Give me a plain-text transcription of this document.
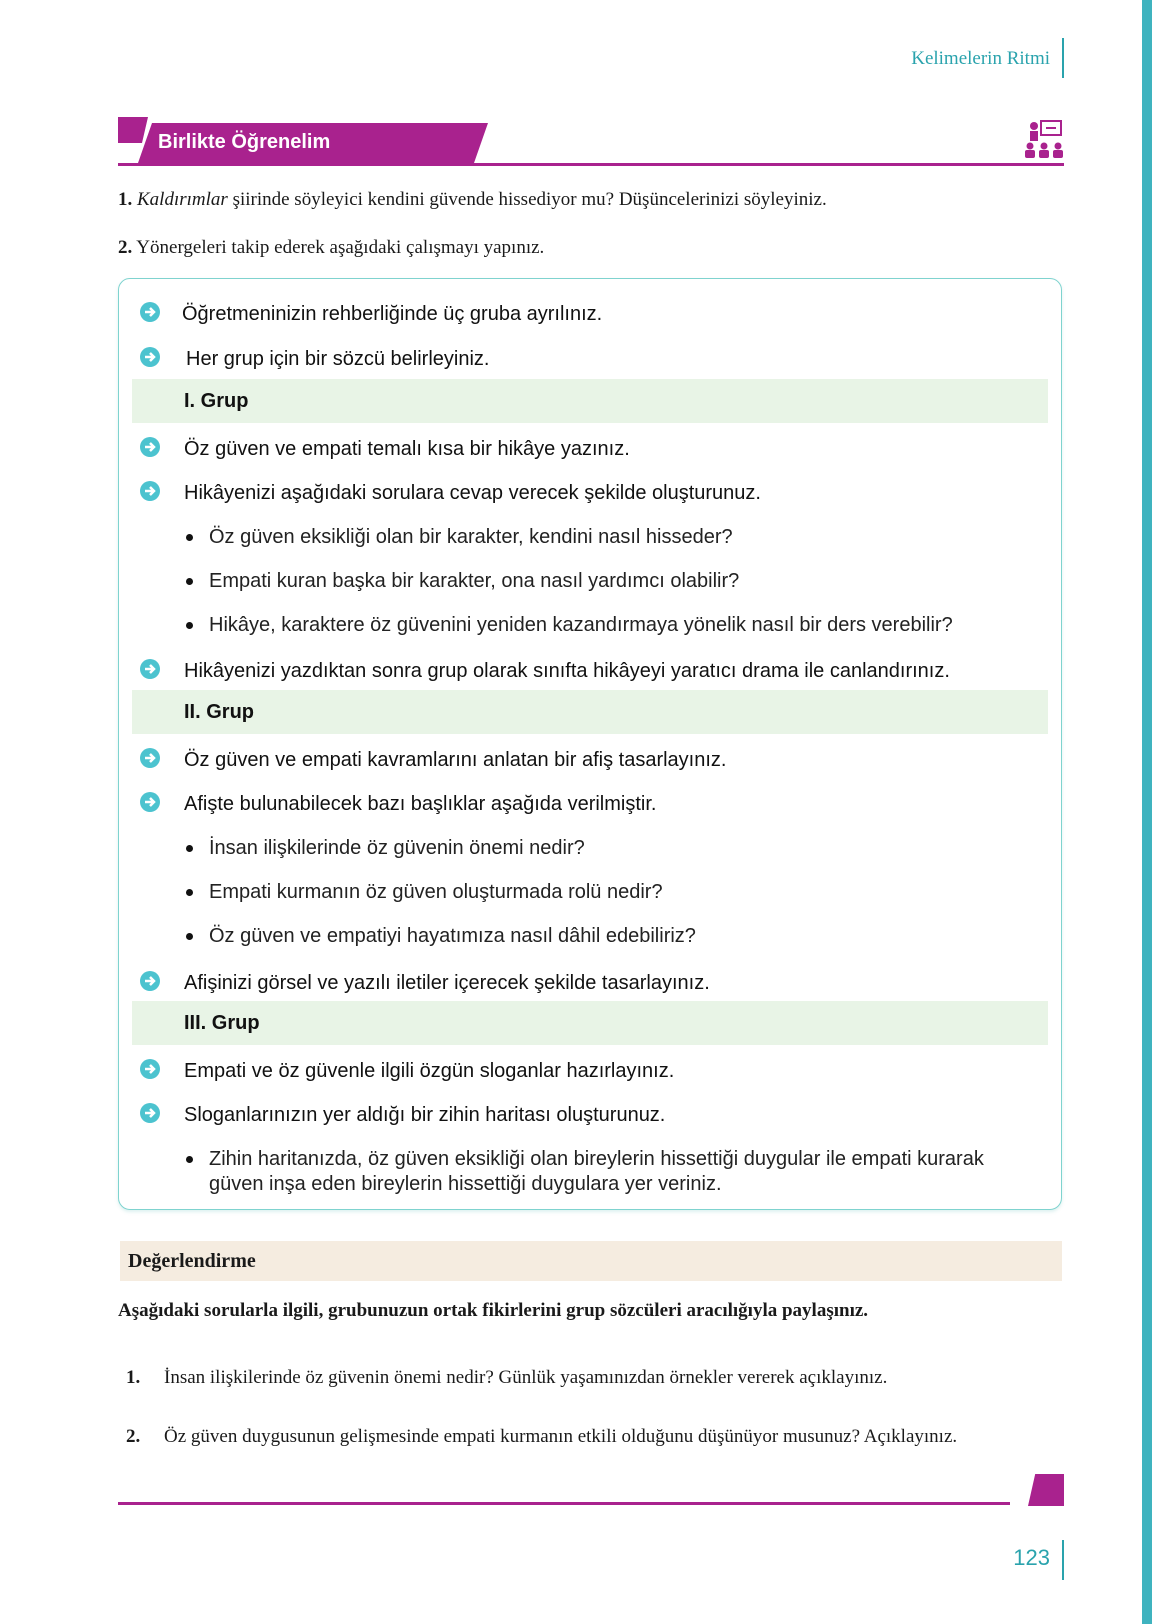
Kelimelerin Ritmi
Birlikte Öğrenelim
1. Kaldırımlar şiirinde söyleyici kendini güvende hissediyor mu? Düşüncelerinizi söyleyiniz.
2. Yönergeleri takip ederek aşağıdaki çalışmayı yapınız.
Öğretmeninizin rehberliğinde üç gruba ayrılınız.
Her grup için bir sözcü belirleyiniz.
I. Grup
Öz güven ve empati temalı kısa bir hikâye yazınız.
Hikâyenizi aşağıdaki sorulara cevap verecek şekilde oluşturunuz.
Öz güven eksikliği olan bir karakter, kendini nasıl hisseder?
Empati kuran başka bir karakter, ona nasıl yardımcı olabilir?
Hikâye, karaktere öz güvenini yeniden kazandırmaya yönelik nasıl bir ders verebilir?
Hikâyenizi yazdıktan sonra grup olarak sınıfta hikâyeyi yaratıcı drama ile canlandırınız.
II. Grup
Öz güven ve empati kavramlarını anlatan bir afiş tasarlayınız.
Afişte bulunabilecek bazı başlıklar aşağıda verilmiştir.
İnsan ilişkilerinde öz güvenin önemi nedir?
Empati kurmanın öz güven oluşturmada rolü nedir?
Öz güven ve empatiyi hayatımıza nasıl dâhil edebiliriz?
Afişinizi görsel ve yazılı iletiler içerecek şekilde tasarlayınız.
III. Grup
Empati ve öz güvenle ilgili özgün sloganlar hazırlayınız.
Sloganlarınızın yer aldığı bir zihin haritası oluşturunuz.
Zihin haritanızda, öz güven eksikliği olan bireylerin hissettiği duygular ile empati kurarak
güven inşa eden bireylerin hissettiği duygulara yer veriniz.
Değerlendirme
Aşağıdaki sorularla ilgili, grubunuzun ortak fikirlerini grup sözcüleri aracılığıyla paylaşınız.
1. İnsan ilişkilerinde öz güvenin önemi nedir? Günlük yaşamınızdan örnekler vererek açıklayınız.
2. Öz güven duygusunun gelişmesinde empati kurmanın etkili olduğunu düşünüyor musunuz? Açıklayınız.
123
